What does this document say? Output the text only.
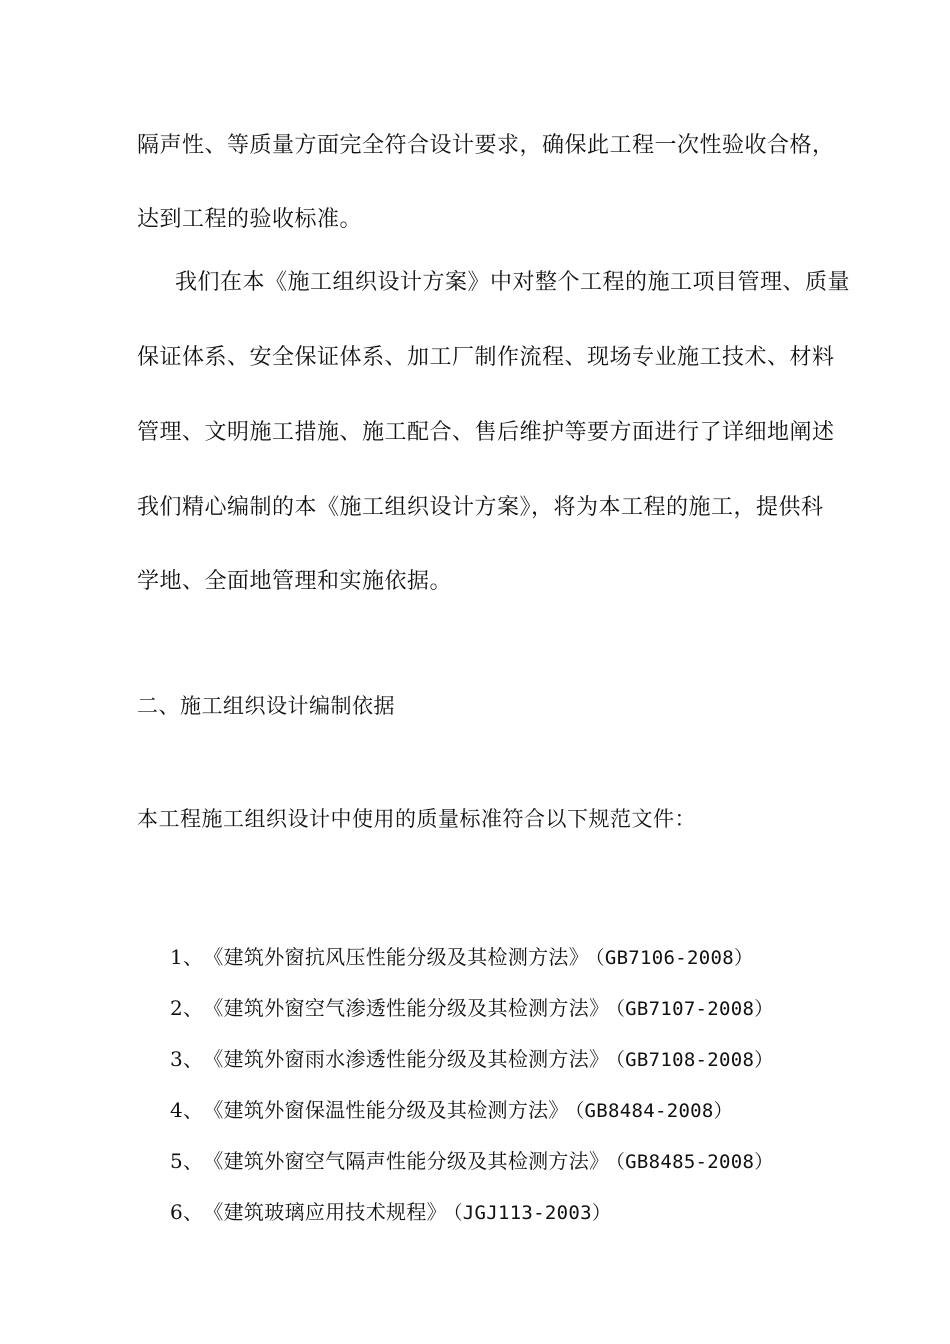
隔声性、等质量方面完全符合设计要求，确保此工程一次性验收合格，
达到工程的验收标准。
我们在本《施工组织设计方案》中对整个工程的施工项目管理、质量
保证体系、安全保证体系、加工厂制作流程、现场专业施工技术、材料
管理、文明施工措施、施工配合、售后维护等要方面进行了详细地阐述
我们精心编制的本《施工组织设计方案》，将为本工程的施工，提供科
学地、全面地管理和实施依据。
二、施工组织设计编制依据
本工程施工组织设计中使用的质量标准符合以下规范文件：
1、《建筑外窗抗风压性能分级及其检测方法》 （GB7106-2008）
2、《建筑外窗空气渗透性能分级及其检测方法》 （GB7107-2008）
3、《建筑外窗雨水渗透性能分级及其检测方法》 （GB7108-2008）
4、《建筑外窗保温性能分级及其检测方法》 （GB8484-2008）
5、《建筑外窗空气隔声性能分级及其检测方法》 （GB8485-2008）
6、《建筑玻璃应用技术规程》 （JGJ113-2003）
